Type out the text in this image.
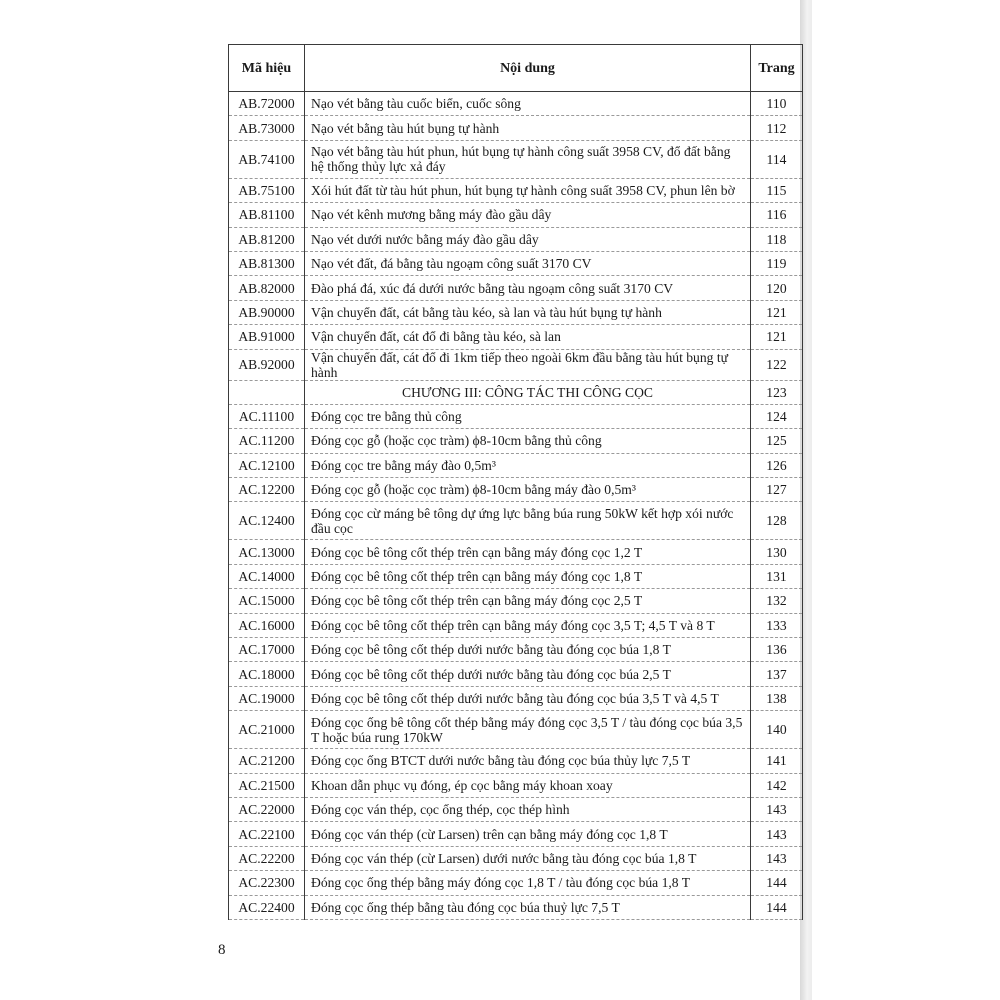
Mã hiệu	Nội dung	Trang
AB.72000	Nạo vét bằng tàu cuốc biển, cuốc sông	110
AB.73000	Nạo vét bằng tàu hút bụng tự hành	112
AB.74100	Nạo vét bằng tàu hút phun, hút bụng tự hành công suất 3958 CV, đổ đất bằng hệ thống thủy lực xả đáy	114
AB.75100	Xói hút đất từ tàu hút phun, hút bụng tự hành công suất 3958 CV, phun lên bờ	115
AB.81100	Nạo vét kênh mương bằng máy đào gầu dây	116
AB.81200	Nạo vét dưới nước bằng máy đào gầu dây	118
AB.81300	Nạo vét đất, đá bằng tàu ngoạm công suất 3170 CV	119
AB.82000	Đào phá đá, xúc đá dưới nước bằng tàu ngoạm công suất 3170 CV	120
AB.90000	Vận chuyển đất, cát bằng tàu kéo, sà lan và tàu hút bụng tự hành	121
AB.91000	Vận chuyển đất, cát đổ đi bằng tàu kéo, sà lan	121
AB.92000	Vận chuyển đất, cát đổ đi 1km tiếp theo ngoài 6km đầu bằng tàu hút bụng tự hành	122
	CHƯƠNG III: CÔNG TÁC THI CÔNG CỌC	123
AC.11100	Đóng cọc tre bằng thủ công	124
AC.11200	Đóng cọc gỗ (hoặc cọc tràm) ϕ8-10cm bằng thủ công	125
AC.12100	Đóng cọc tre bằng máy đào 0,5m³	126
AC.12200	Đóng cọc gỗ (hoặc cọc tràm) ϕ8-10cm bằng máy đào 0,5m³	127
AC.12400	Đóng cọc cừ máng bê tông dự ứng lực bằng búa rung 50kW kết hợp xói nước đầu cọc	128
AC.13000	Đóng cọc bê tông cốt thép trên cạn bằng máy đóng cọc 1,2 T	130
AC.14000	Đóng cọc bê tông cốt thép trên cạn bằng máy đóng cọc 1,8 T	131
AC.15000	Đóng cọc bê tông cốt thép trên cạn bằng máy đóng cọc 2,5 T	132
AC.16000	Đóng cọc bê tông cốt thép trên cạn bằng máy đóng cọc 3,5 T; 4,5 T và 8 T	133
AC.17000	Đóng cọc bê tông cốt thép dưới nước bằng tàu đóng cọc búa 1,8 T	136
AC.18000	Đóng cọc bê tông cốt thép dưới nước bằng tàu đóng cọc búa 2,5 T	137
AC.19000	Đóng cọc bê tông cốt thép dưới nước bằng tàu đóng cọc búa 3,5 T và 4,5 T	138
AC.21000	Đóng cọc ống bê tông cốt thép bằng máy đóng cọc 3,5 T / tàu đóng cọc búa 3,5 T hoặc búa rung 170kW	140
AC.21200	Đóng cọc ống BTCT dưới nước bằng tàu đóng cọc búa thủy lực 7,5 T	141
AC.21500	Khoan dẫn phục vụ đóng, ép cọc bằng máy khoan xoay	142
AC.22000	Đóng cọc ván thép, cọc ống thép, cọc thép hình	143
AC.22100	Đóng cọc ván thép (cừ Larsen) trên cạn bằng máy đóng cọc 1,8 T	143
AC.22200	Đóng cọc ván thép (cừ Larsen) dưới nước bằng tàu đóng cọc búa 1,8 T	143
AC.22300	Đóng cọc ống thép bằng máy đóng cọc 1,8 T / tàu đóng cọc búa 1,8 T	144
AC.22400	Đóng cọc ống thép bằng tàu đóng cọc búa thuỷ lực 7,5 T	144
8
